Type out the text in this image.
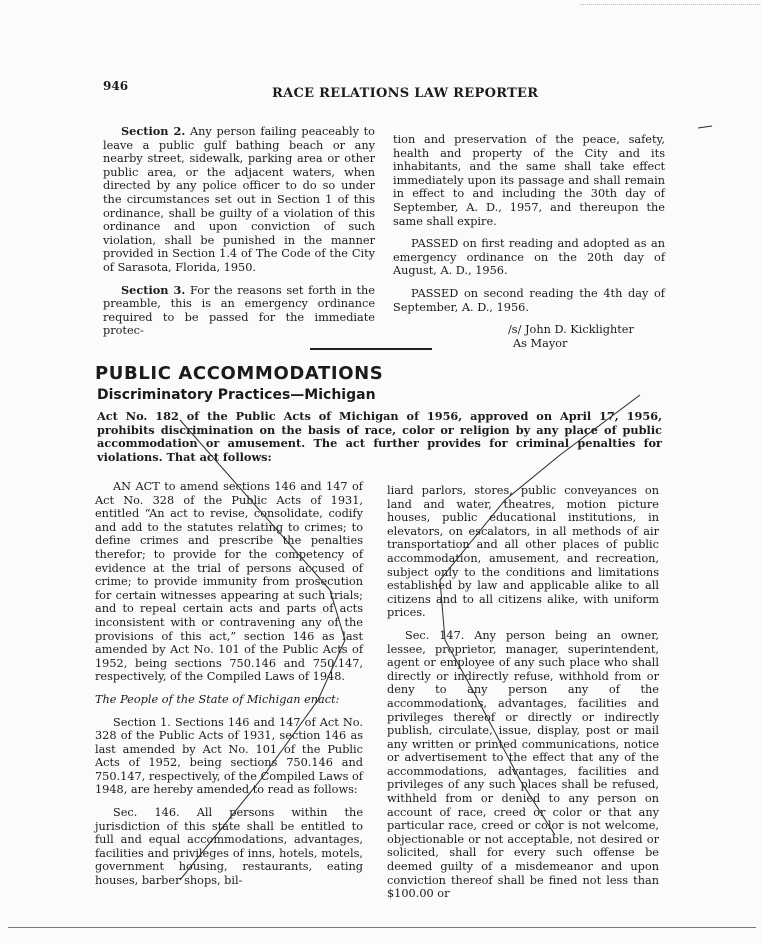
946	RACE RELATIONS LAW REPORTER

Section 2. Any person failing peaceably to leave a public gulf bathing beach or any nearby street, sidewalk, parking area or other public area, or the adjacent waters, when directed by any police officer to do so under the circumstances set out in Section 1 of this ordinance, shall be guilty of a violation of this ordinance and upon conviction of such violation, shall be punished in the manner provided in Section 1.4 of The Code of the City of Sarasota, Florida, 1950.

Section 3. For the reasons set forth in the preamble, this is an emergency ordinance required to be passed for the immediate protec-

tion and preservation of the peace, safety, health and property of the City and its inhabitants, and the same shall take effect immediately upon its passage and shall remain in effect to and including the 30th day of September, A. D., 1957, and thereupon the same shall expire.

PASSED on first reading and adopted as an emergency ordinance on the 20th day of August, A. D., 1956.

PASSED on second reading the 4th day of September, A. D., 1956.

/s/ John D. Kicklighter

As Mayor

PUBLIC ACCOMMODATIONS
Discriminatory Practices—Michigan
Act No. 182 of the Public Acts of Michigan of 1956, approved on April 17, 1956, prohibits discrimination on the basis of race, color or religion by any place of public accommodation or amusement. The act further provides for criminal penalties for violations. That act follows:

AN ACT to amend sections 146 and 147 of Act No. 328 of the Public Acts of 1931, entitled “An act to revise, consolidate, codify and add to the statutes relating to crimes; to define crimes and prescribe the penalties therefor; to provide for the competency of evidence at the trial of persons accused of crime; to provide immunity from prosecution for certain witnesses appearing at such trials; and to repeal certain acts and parts of acts inconsistent with or contravening any of the provisions of this act,” section 146 as last amended by Act No. 101 of the Public Acts of 1952, being sections 750.146 and 750.147, respectively, of the Compiled Laws of 1948.

The People of the State of Michigan enact:

Section 1. Sections 146 and 147 of Act No. 328 of the Public Acts of 1931, section 146 as last amended by Act No. 101 of the Public Acts of 1952, being sections 750.146 and 750.147, respectively, of the Compiled Laws of 1948, are hereby amended to read as follows:

Sec. 146. All persons within the jurisdiction of this state shall be entitled to full and equal accommodations, advantages, facilities and privileges of inns, hotels, motels, government housing, restaurants, eating houses, barber shops, bil-

liard parlors, stores, public conveyances on land and water, theatres, motion picture houses, public educational institutions, in elevators, on escalators, in all methods of air transportation and all other places of public accommodation, amusement, and recreation, subject only to the conditions and limitations established by law and applicable alike to all citizens and to all citizens alike, with uniform prices.

Sec. 147. Any person being an owner, lessee, proprietor, manager, superintendent, agent or employee of any such place who shall directly or indirectly refuse, withhold from or deny to any person any of the accommodations, advantages, facilities and privileges thereof or directly or indirectly publish, circulate, issue, display, post or mail any written or printed communications, notice or advertisement to the effect that any of the accommodations, advantages, facilities and privileges of any such places shall be refused, withheld from or denied to any person on account of race, creed or color or that any particular race, creed or color is not welcome, objectionable or not acceptable, not desired or solicited, shall for every such offense be deemed guilty of a misdemeanor and upon conviction thereof shall be fined not less than $100.00 or
